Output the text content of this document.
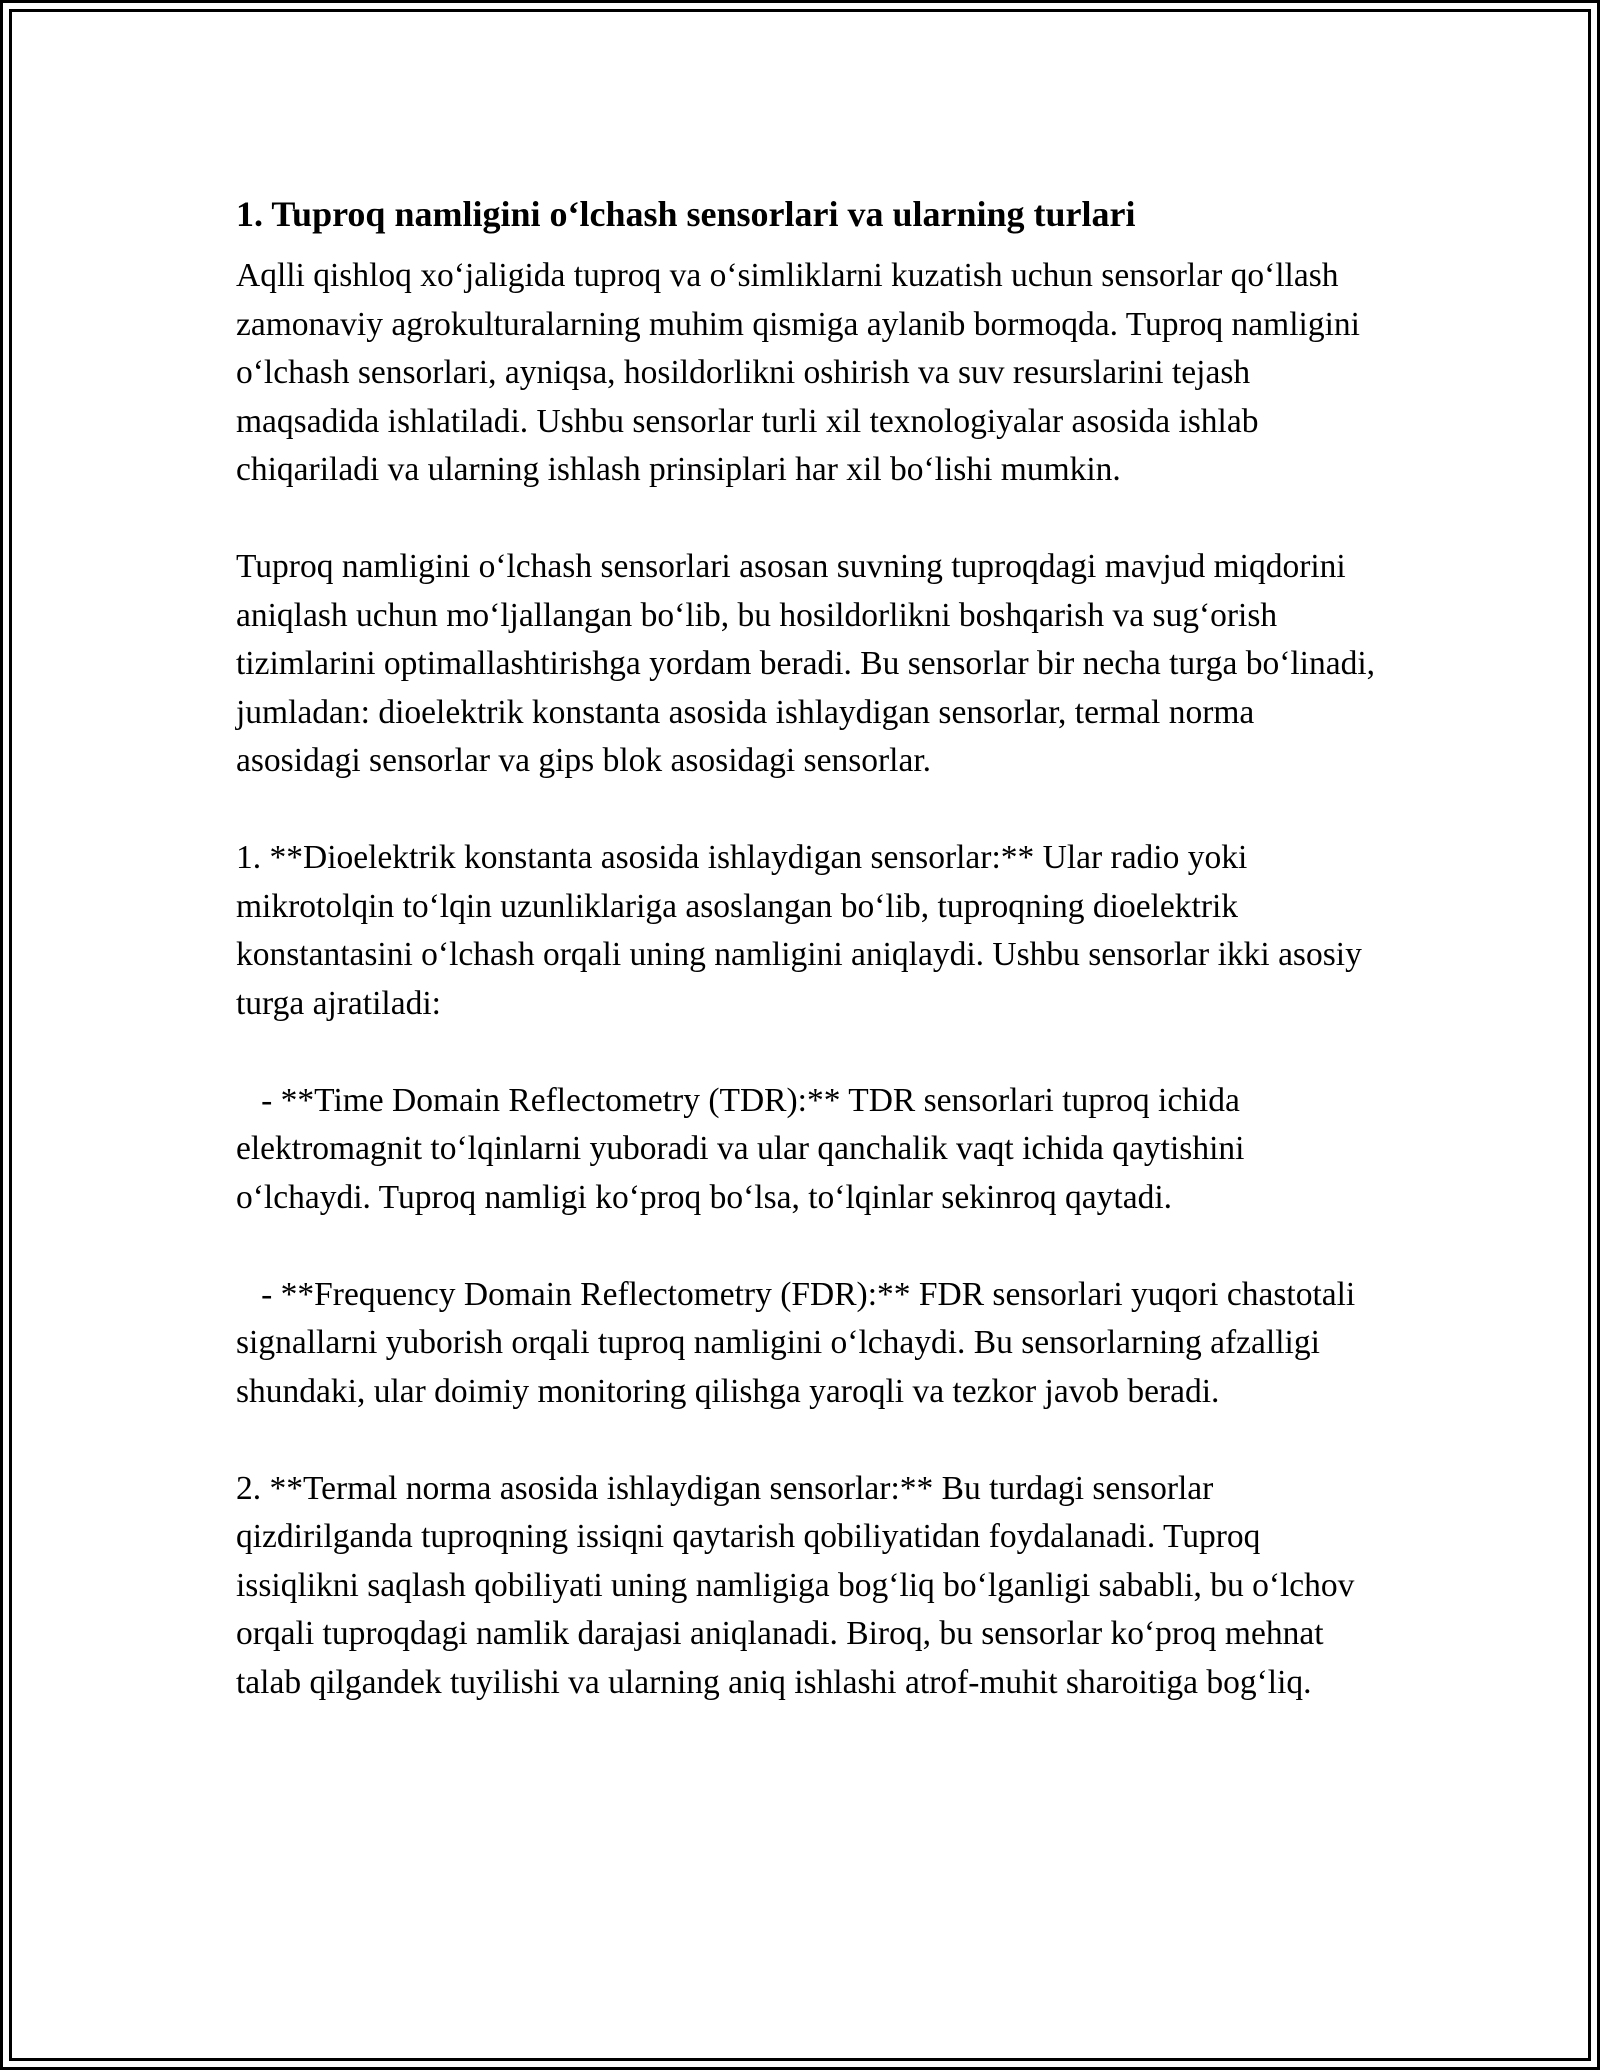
1. Tuproq namligini o‘lchash sensorlari va ularning turlari

Aqlli qishloq xo‘jaligida tuproq va o‘simliklarni kuzatish uchun sensorlar qo‘llash zamonaviy agrokulturalarning muhim qismiga aylanib bormoqda. Tuproq namligini o‘lchash sensorlari, ayniqsa, hosildorlikni oshirish va suv resurslarini tejash maqsadida ishlatiladi. Ushbu sensorlar turli xil texnologiyalar asosida ishlab chiqariladi va ularning ishlash prinsiplari har xil bo‘lishi mumkin.

Tuproq namligini o‘lchash sensorlari asosan suvning tuproqdagi mavjud miqdorini aniqlash uchun mo‘ljallangan bo‘lib, bu hosildorlikni boshqarish va sug‘orish tizimlarini optimallashtirishga yordam beradi. Bu sensorlar bir necha turga bo‘linadi, jumladan: dioelektrik konstanta asosida ishlaydigan sensorlar, termal norma asosidagi sensorlar va gips blok asosidagi sensorlar.

1. **Dioelektrik konstanta asosida ishlaydigan sensorlar:** Ular radio yoki mikrotolqin to‘lqin uzunliklariga asoslangan bo‘lib, tuproqning dioelektrik konstantasini o‘lchash orqali uning namligini aniqlaydi. Ushbu sensorlar ikki asosiy turga ajratiladi:

- **Time Domain Reflectometry (TDR):** TDR sensorlari tuproq ichida elektromagnit to‘lqinlarni yuboradi va ular qanchalik vaqt ichida qaytishini o‘lchaydi. Tuproq namligi ko‘proq bo‘lsa, to‘lqinlar sekinroq qaytadi.

- **Frequency Domain Reflectometry (FDR):** FDR sensorlari yuqori chastotali signallarni yuborish orqali tuproq namligini o‘lchaydi. Bu sensorlarning afzalligi shundaki, ular doimiy monitoring qilishga yaroqli va tezkor javob beradi.

2. **Termal norma asosida ishlaydigan sensorlar:** Bu turdagi sensorlar qizdirilganda tuproqning issiqni qaytarish qobiliyatidan foydalanadi. Tuproq issiqlikni saqlash qobiliyati uning namligiga bog‘liq bo‘lganligi sababli, bu o‘lchov orqali tuproqdagi namlik darajasi aniqlanadi. Biroq, bu sensorlar ko‘proq mehnat talab qilgandek tuyilishi va ularning aniq ishlashi atrof-muhit sharoitiga bog‘liq.
